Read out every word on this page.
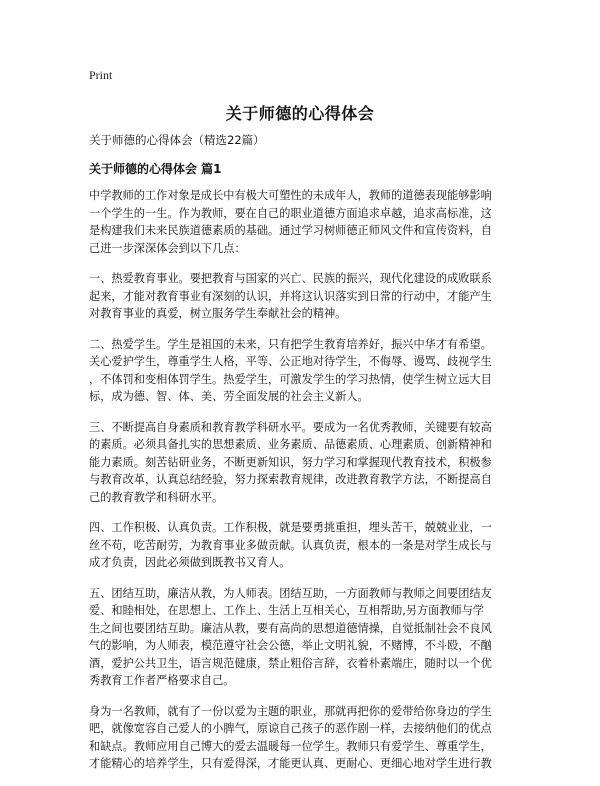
Print
关于师德的心得体会
关于师德的心得体会（精选22篇）
关于师德的心得体会 篇1

中学教师的工作对象是成长中有极大可塑性的未成年人，教师的道德表现能够影响
一个学生的一生。作为教师，要在自己的职业道德方面追求卓越，追求高标准，这
是构建我们未来民族道德素质的基础。通过学习树师德正师风文件和宣传资料，自
己进一步深深体会到以下几点：

一、热爱教育事业。要把教育与国家的兴亡、民族的振兴，现代化建设的成败联系
起来，才能对教育事业有深刻的认识，并将这认识落实到日常的行动中，才能产生
对教育事业的真爱，树立服务学生奉献社会的精神。

二、热爱学生。学生是祖国的未来，只有把学生教育培养好，振兴中华才有希望。
关心爱护学生，尊重学生人格，平等、公正地对待学生，不侮辱、谩骂、歧视学生
，不体罚和变相体罚学生。热爱学生，可激发学生的学习热情，使学生树立远大目
标，成为德、智、体、美、劳全面发展的社会主义新人。

三、不断提高自身素质和教育教学科研水平。要成为一名优秀教师，关键要有较高
的素质。必须具备扎实的思想素质、业务素质、品德素质、心理素质、创新精神和
能力素质。刻苦钻研业务，不断更新知识，努力学习和掌握现代教育技术，积极参
与教育改革，认真总结经验，努力探索教育规律，改进教育教学方法，不断提高自
己的教育教学和科研水平。

四、工作积极、认真负责。工作积极，就是要勇挑重担，埋头苦干，兢兢业业，一
丝不苟，吃苦耐劳，为教育事业多做贡献。认真负责，根本的一条是对学生成长与
成才负责，因此必须做到既教书又育人。

五、团结互助，廉洁从教，为人师表。团结互助，一方面教师与教师之间要团结友
爱、和睦相处，在思想上、工作上、生活上互相关心，互相帮助,另方面教师与学
生之间也要团结互助。廉洁从教，要有高尚的思想道德情操，自觉抵制社会不良风
气的影响，为人师表，模范遵守社会公德，举止文明礼貌，不赌博，不斗殴，不酗
酒，爱护公共卫生，语言规范健康，禁止粗俗言辞，衣着朴素端庄，随时以一个优
秀教育工作者严格要求自己。

身为一名教师，就有了一份以爱为主题的职业，那就再把你的爱带给你身边的学生
吧，就像宽容自己爱人的小脾气，原谅自己孩子的恶作剧一样，去接纳他们的优点
和缺点。教师应用自己博大的爱去温暖每一位学生。教师只有爱学生、尊重学生，
才能精心的培养学生，只有爱得深，才能更认真、更耐心、更细心地对学生进行教
